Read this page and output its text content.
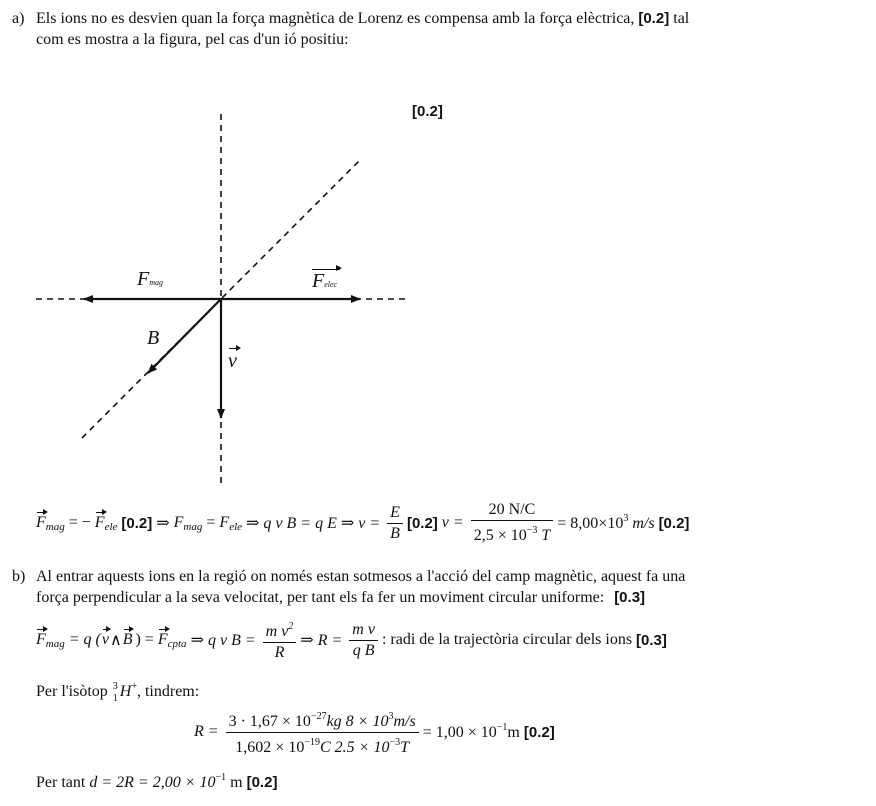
a) Els ions no es desvien quan la força magnètica de Lorenz es compensa amb la força elèctrica, [0.2] tal
com es mostra a la figura, pel cas d'un ió positiu:
[0.2]
Fmag	Felec
B
v
$F_{mag}$ = − $F_{ele}$ [0.2] ⇒ $F_{mag} = F_{ele}$ ⇒ q v B = q E ⇒ $v = \frac{E}{B} [0.2] v = \frac{20 N/C}{2,5 \times 10^{-3} T} = 8,00\times 10^3$ m/s [0.2]
b) Al entrar aquests ions en la regió on només estan sotmesos a l'acció del camp magnètic, aquest fa una
força perpendicular a la seva velocitat, per tant els fa fer un moviment circular uniforme: [0.3]
$F_{mag} = q$ ( v ∧ B ) = $F_{cpta}$ ⇒ q v $B = \frac{m v^2}{R}$ ⇒ $R = \frac{\text{m v}}{\text{q B}}$ : radi de la trajectòria circular dels ions [0.3]
Per l'isòtop 3
1 H+, tindrem:
$R = \frac{3 \cdot 1,67 \times 10^{-27}kg 8 \times 10^3m/s}{1,602 \times 10^{-19}C 2.5 \times 10^{-3}T} = 1,00 \times 10^{-1}m$ [0.2]
Per tant $d = 2R = 2,00 \times 10^{-1}$ m [0.2]
